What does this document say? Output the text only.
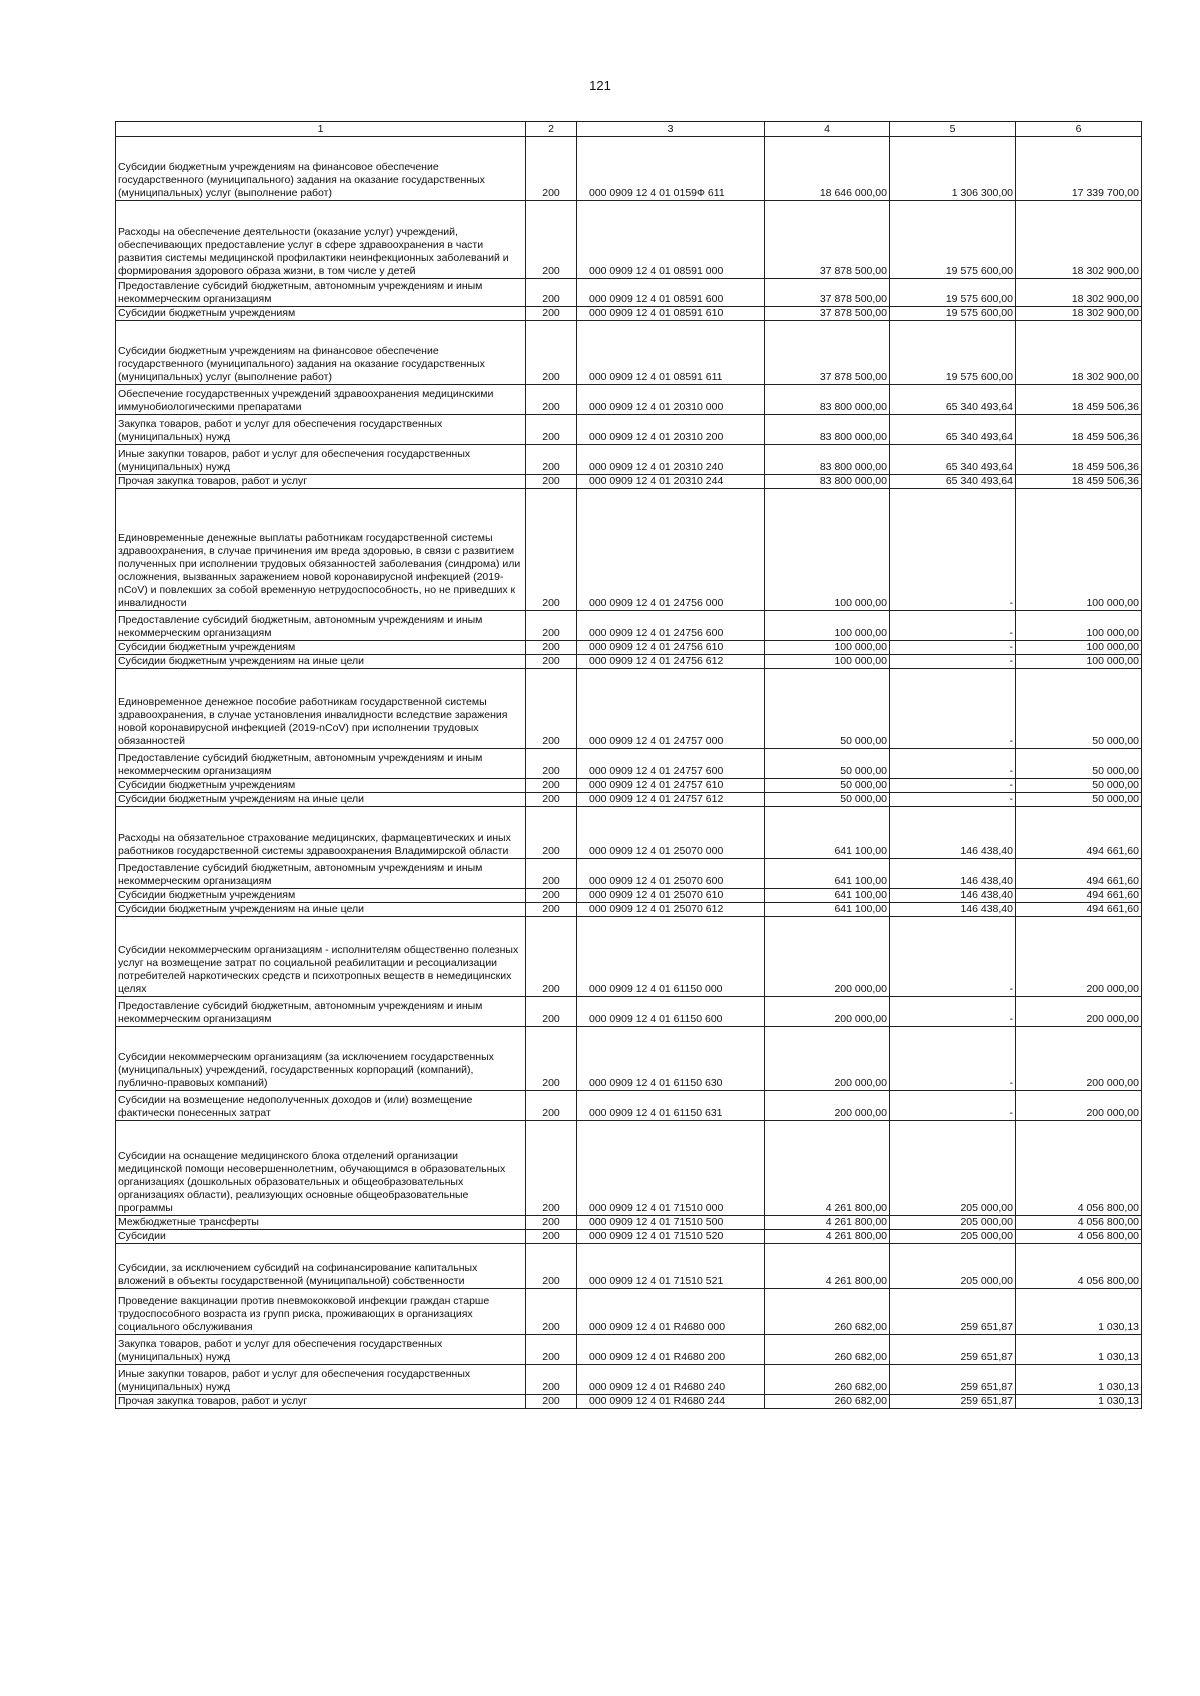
121
1	2	3	4	5	6

Субсидии бюджетным учреждениям на финансовое обеспечение государственного (муниципального) задания на оказание государственных (муниципальных) услуг (выполнение работ)	200	000 0909 12 4 01 0159Ф 611	18 646 000,00	1 306 300,00	17 339 700,00

Расходы на обеспечение деятельности (оказание услуг) учреждений, обеспечивающих предоставление услуг в сфере здравоохранения в части развития системы медицинской профилактики неинфекционных заболеваний и формирования здорового образа жизни, в том числе у детей	200	000 0909 12 4 01 08591 000	37 878 500,00	19 575 600,00	18 302 900,00

Предоставление субсидий бюджетным, автономным учреждениям и иным некоммерческим организациям	200	000 0909 12 4 01 08591 600	37 878 500,00	19 575 600,00	18 302 900,00

Субсидии бюджетным учреждениям	200	000 0909 12 4 01 08591 610	37 878 500,00	19 575 600,00	18 302 900,00

Субсидии бюджетным учреждениям на финансовое обеспечение государственного (муниципального) задания на оказание государственных (муниципальных) услуг (выполнение работ)	200	000 0909 12 4 01 08591 611	37 878 500,00	19 575 600,00	18 302 900,00

Обеспечение государственных учреждений здравоохранения медицинскими иммунобиологическими препаратами	200	000 0909 12 4 01 20310 000	83 800 000,00	65 340 493,64	18 459 506,36

Закупка товаров, работ и услуг для обеспечения государственных (муниципальных) нужд	200	000 0909 12 4 01 20310 200	83 800 000,00	65 340 493,64	18 459 506,36

Иные закупки товаров, работ и услуг для обеспечения государственных (муниципальных) нужд	200	000 0909 12 4 01 20310 240	83 800 000,00	65 340 493,64	18 459 506,36

Прочая закупка товаров, работ и услуг	200	000 0909 12 4 01 20310 244	83 800 000,00	65 340 493,64	18 459 506,36

Единовременные денежные выплаты работникам государственной системы здравоохранения, в случае причинения им вреда здоровью, в связи с развитием полученных при исполнении трудовых обязанностей заболевания (синдрома) или осложнения, вызванных заражением новой коронавирусной инфекцией (2019- nCoV) и повлекших за собой временную нетрудоспособность, но не приведших к инвалидности	200	000 0909 12 4 01 24756 000	100 000,00	-	100 000,00

Предоставление субсидий бюджетным, автономным учреждениям и иным некоммерческим организациям	200	000 0909 12 4 01 24756 600	100 000,00	-	100 000,00

Субсидии бюджетным учреждениям	200	000 0909 12 4 01 24756 610	100 000,00	-	100 000,00

Субсидии бюджетным учреждениям на иные цели	200	000 0909 12 4 01 24756 612	100 000,00	-	100 000,00

Единовременное денежное пособие работникам государственной системы здравоохранения, в случае установления инвалидности вследствие заражения новой коронавирусной инфекцией (2019-nCoV) при исполнении трудовых обязанностей	200	000 0909 12 4 01 24757 000	50 000,00	-	50 000,00

Предоставление субсидий бюджетным, автономным учреждениям и иным некоммерческим организациям	200	000 0909 12 4 01 24757 600	50 000,00	-	50 000,00

Субсидии бюджетным учреждениям	200	000 0909 12 4 01 24757 610	50 000,00	-	50 000,00

Субсидии бюджетным учреждениям на иные цели	200	000 0909 12 4 01 24757 612	50 000,00	-	50 000,00

Расходы на обязательное страхование медицинских, фармацевтических и иных работников государственной системы здравоохранения Владимирской области	200	000 0909 12 4 01 25070 000	641 100,00	146 438,40	494 661,60

Предоставление субсидий бюджетным, автономным учреждениям и иным некоммерческим организациям	200	000 0909 12 4 01 25070 600	641 100,00	146 438,40	494 661,60

Субсидии бюджетным учреждениям	200	000 0909 12 4 01 25070 610	641 100,00	146 438,40	494 661,60

Субсидии бюджетным учреждениям на иные цели	200	000 0909 12 4 01 25070 612	641 100,00	146 438,40	494 661,60

Субсидии некоммерческим организациям - исполнителям общественно полезных услуг на возмещение затрат по социальной реабилитации и ресоциализации потребителей наркотических средств и психотропных веществ в немедицинских целях	200	000 0909 12 4 01 61150 000	200 000,00	-	200 000,00

Предоставление субсидий бюджетным, автономным учреждениям и иным некоммерческим организациям	200	000 0909 12 4 01 61150 600	200 000,00	-	200 000,00

Субсидии некоммерческим организациям (за исключением государственных (муниципальных) учреждений, государственных корпораций (компаний), публично-правовых компаний)	200	000 0909 12 4 01 61150 630	200 000,00	-	200 000,00

Субсидии на возмещение недополученных доходов и (или) возмещение фактически понесенных затрат	200	000 0909 12 4 01 61150 631	200 000,00	-	200 000,00

Субсидии на оснащение медицинского блока отделений организации медицинской помощи несовершеннолетним, обучающимся в образовательных организациях (дошкольных образовательных и общеобразовательных организациях области), реализующих основные общеобразовательные программы	200	000 0909 12 4 01 71510 000	4 261 800,00	205 000,00	4 056 800,00

Межбюджетные трансферты	200	000 0909 12 4 01 71510 500	4 261 800,00	205 000,00	4 056 800,00

Субсидии	200	000 0909 12 4 01 71510 520	4 261 800,00	205 000,00	4 056 800,00

Субсидии, за исключением субсидий на софинансирование капитальных вложений в объекты государственной (муниципальной) собственности	200	000 0909 12 4 01 71510 521	4 261 800,00	205 000,00	4 056 800,00

Проведение вакцинации против пневмококковой инфекции граждан старше трудоспособного возраста из групп риска, проживающих в организациях социального обслуживания	200	000 0909 12 4 01 R4680 000	260 682,00	259 651,87	1 030,13

Закупка товаров, работ и услуг для обеспечения государственных (муниципальных) нужд	200	000 0909 12 4 01 R4680 200	260 682,00	259 651,87	1 030,13

Иные закупки товаров, работ и услуг для обеспечения государственных (муниципальных) нужд	200	000 0909 12 4 01 R4680 240	260 682,00	259 651,87	1 030,13

Прочая закупка товаров, работ и услуг	200	000 0909 12 4 01 R4680 244	260 682,00	259 651,87	1 030,13
